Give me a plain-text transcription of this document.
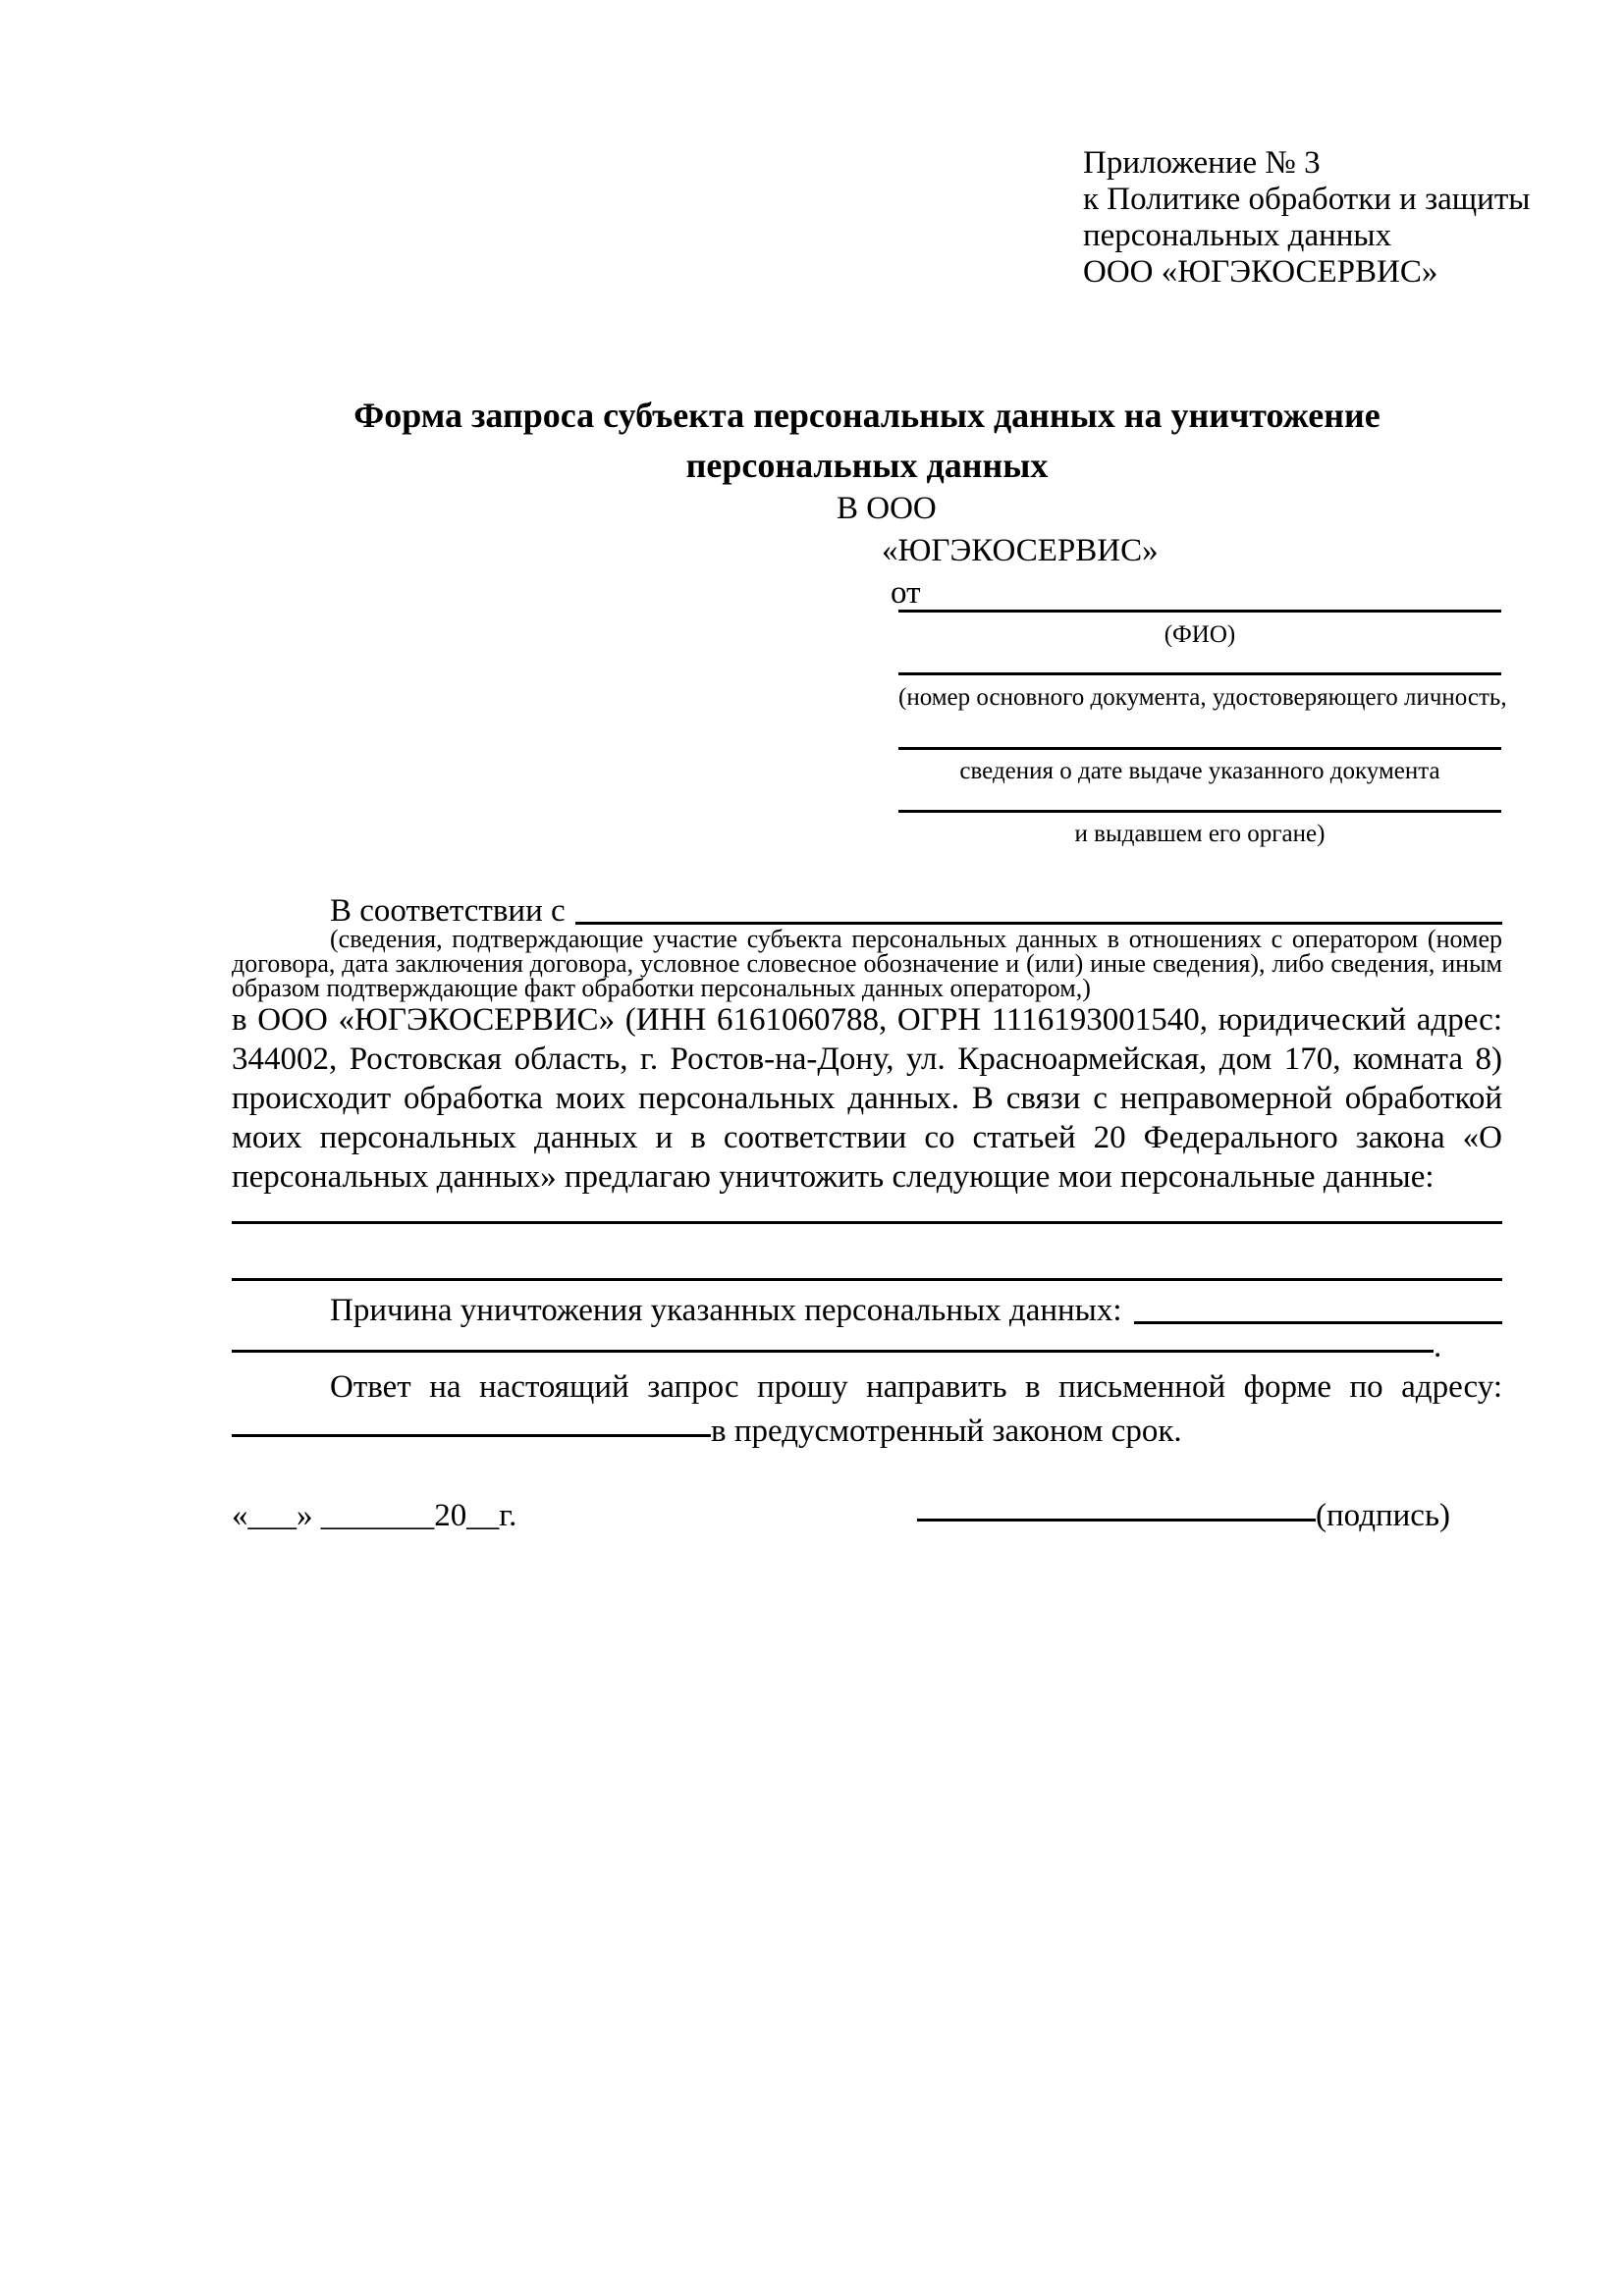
Приложение № 3
к Политике обработки и защиты
персональных данных
ООО «ЮГЭКОСЕРВИС»
Форма запроса субъекта персональных данных на уничтожение
персональных данных
В ООО
«ЮГЭКОСЕРВИС»
от
(ФИО)
(номер основного документа, удостоверяющего личность,
сведения о дате выдаче указанного документа
и выдавшем его органе)
В соответствии с
(сведения, подтверждающие участие субъекта персональных данных в отношениях с оператором (номер договора, дата заключения договора, условное словесное обозначение и (или) иные сведения), либо сведения, иным образом подтверждающие факт обработки персональных данных оператором,)
в ООО «ЮГЭКОСЕРВИС» (ИНН 6161060788, ОГРН 1116193001540, юридический адрес: 344002, Ростовская область, г. Ростов-на-Дону, ул. Красноармейская, дом 170, комната 8) происходит обработка моих персональных данных. В связи с неправомерной обработкой моих персональных данных и в соответствии со статьей 20 Федерального закона «О персональных данных» предлагаю уничтожить следующие мои персональные данные:
Причина уничтожения указанных персональных данных:
.
Ответ на настоящий запрос прошу направить в письменной форме по адресу:
в предусмотренный законом срок.
«___» _______20__г.	(подпись)
